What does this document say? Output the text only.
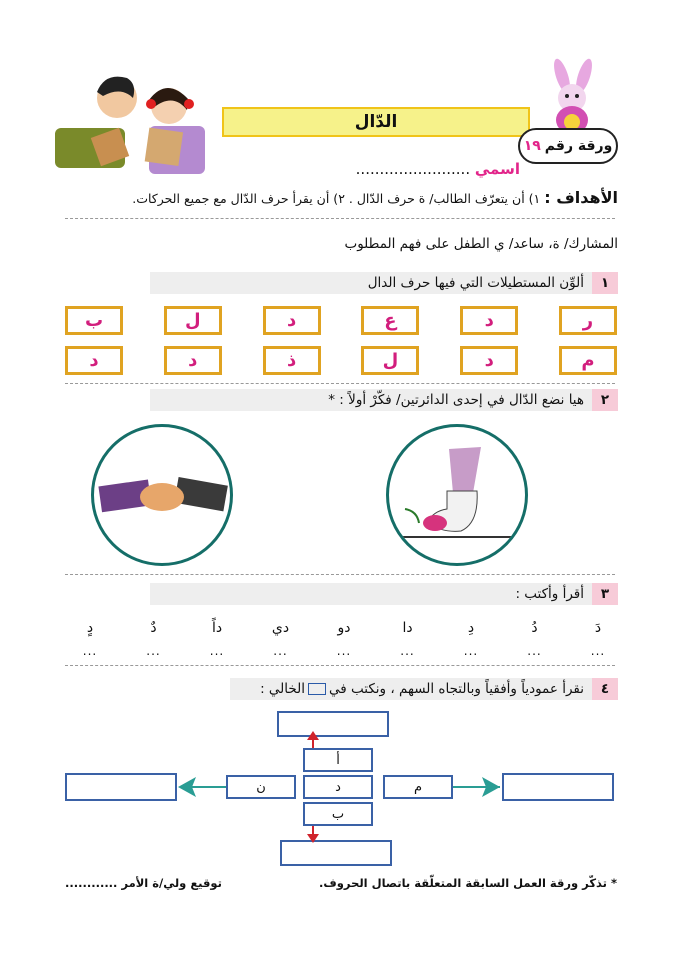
الدّال
ورقة رقم
١٩
اسمي ........................
الأهداف : ١) أن يتعرّف الطالب/ ة حرف الدّال . ٢) أن يقرأ حرف الدّال مع جميع الحركات.
المشارك/ ة، ساعد/ ي الطفل على فهم المطلوب
١
ألوِّن المستطيلات التي فيها حرف الدال
ر
د
ع
د
ل
ب
م
د
ل
ذ
د
د
٢
هيا نضع الدّال في إحدى الدائرتين/ فكّرْ أولاً : *
٣
أقرأ وأكتب :
دَ
دُ
دِ
دا
دو
دي
داً
دٌ
دٍ
...
...
...
...
...
...
...
...
...
٤
نقرأ عمودياً وأفقياً وبالتجاه السهم ، ونكتب في
الخالي :
أ
د
ب
ن	م
* تذكّر ورقة العمل السابقة المتعلّقة باتصال الحروف.
توقيع ولي/ة الأمر ............
